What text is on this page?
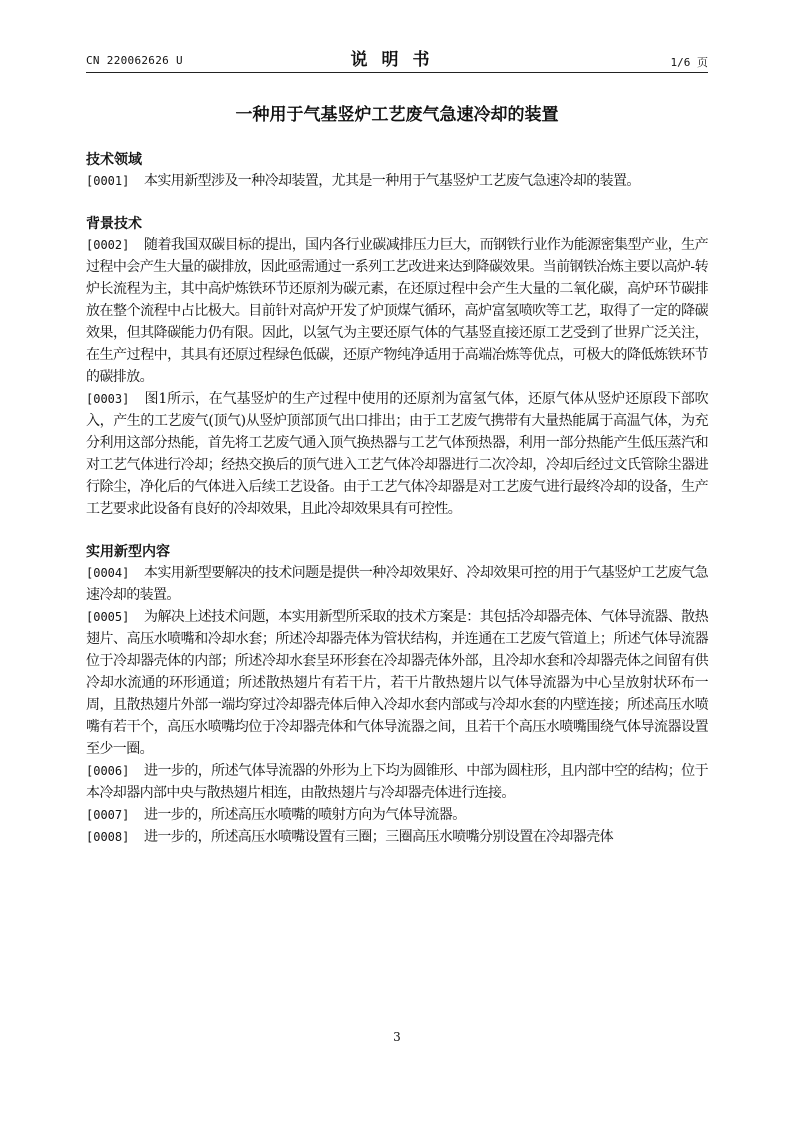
CN 220062626 U	说明书	1/6 页
一种用于气基竖炉工艺废气急速冷却的装置

技术领域

[0001] 本实用新型涉及一种冷却装置，尤其是一种用于气基竖炉工艺废气急速冷却的装置。

背景技术

[0002] 随着我国双碳目标的提出，国内各行业碳减排压力巨大，而钢铁行业作为能源密集型产业，生产过程中会产生大量的碳排放，因此亟需通过一系列工艺改进来达到降碳效果。当前钢铁冶炼主要以高炉-转炉长流程为主，其中高炉炼铁环节还原剂为碳元素，在还原过程中会产生大量的二氧化碳，高炉环节碳排放在整个流程中占比极大。目前针对高炉开发了炉顶煤气循环，高炉富氢喷吹等工艺，取得了一定的降碳效果，但其降碳能力仍有限。因此，以氢气为主要还原气体的气基竖直接还原工艺受到了世界广泛关注，在生产过程中，其具有还原过程绿色低碳，还原产物纯净适用于高端冶炼等优点，可极大的降低炼铁环节的碳排放。

[0003] 图1所示，在气基竖炉的生产过程中使用的还原剂为富氢气体，还原气体从竖炉还原段下部吹入，产生的工艺废气(顶气)从竖炉顶部顶气出口排出；由于工艺废气携带有大量热能属于高温气体，为充分利用这部分热能，首先将工艺废气通入顶气换热器与工艺气体预热器，利用一部分热能产生低压蒸汽和对工艺气体进行冷却；经热交换后的顶气进入工艺气体冷却器进行二次冷却，冷却后经过文氏管除尘器进行除尘，净化后的气体进入后续工艺设备。由于工艺气体冷却器是对工艺废气进行最终冷却的设备，生产工艺要求此设备有良好的冷却效果，且此冷却效果具有可控性。

实用新型内容

[0004] 本实用新型要解决的技术问题是提供一种冷却效果好、冷却效果可控的用于气基竖炉工艺废气急速冷却的装置。

[0005] 为解决上述技术问题，本实用新型所采取的技术方案是：其包括冷却器壳体、气体导流器、散热翅片、高压水喷嘴和冷却水套；所述冷却器壳体为管状结构，并连通在工艺废气管道上；所述气体导流器位于冷却器壳体的内部；所述冷却水套呈环形套在冷却器壳体外部，且冷却水套和冷却器壳体之间留有供冷却水流通的环形通道；所述散热翅片有若干片，若干片散热翅片以气体导流器为中心呈放射状环布一周，且散热翅片外部一端均穿过冷却器壳体后伸入冷却水套内部或与冷却水套的内壁连接；所述高压水喷嘴有若干个，高压水喷嘴均位于冷却器壳体和气体导流器之间，且若干个高压水喷嘴围绕气体导流器设置至少一圈。

[0006] 进一步的，所述气体导流器的外形为上下均为圆锥形、中部为圆柱形，且内部中空的结构；位于本冷却器内部中央与散热翅片相连，由散热翅片与冷却器壳体进行连接。

[0007] 进一步的，所述高压水喷嘴的喷射方向为气体导流器。

[0008] 进一步的，所述高压水喷嘴设置有三圈；三圈高压水喷嘴分别设置在冷却器壳体

3
